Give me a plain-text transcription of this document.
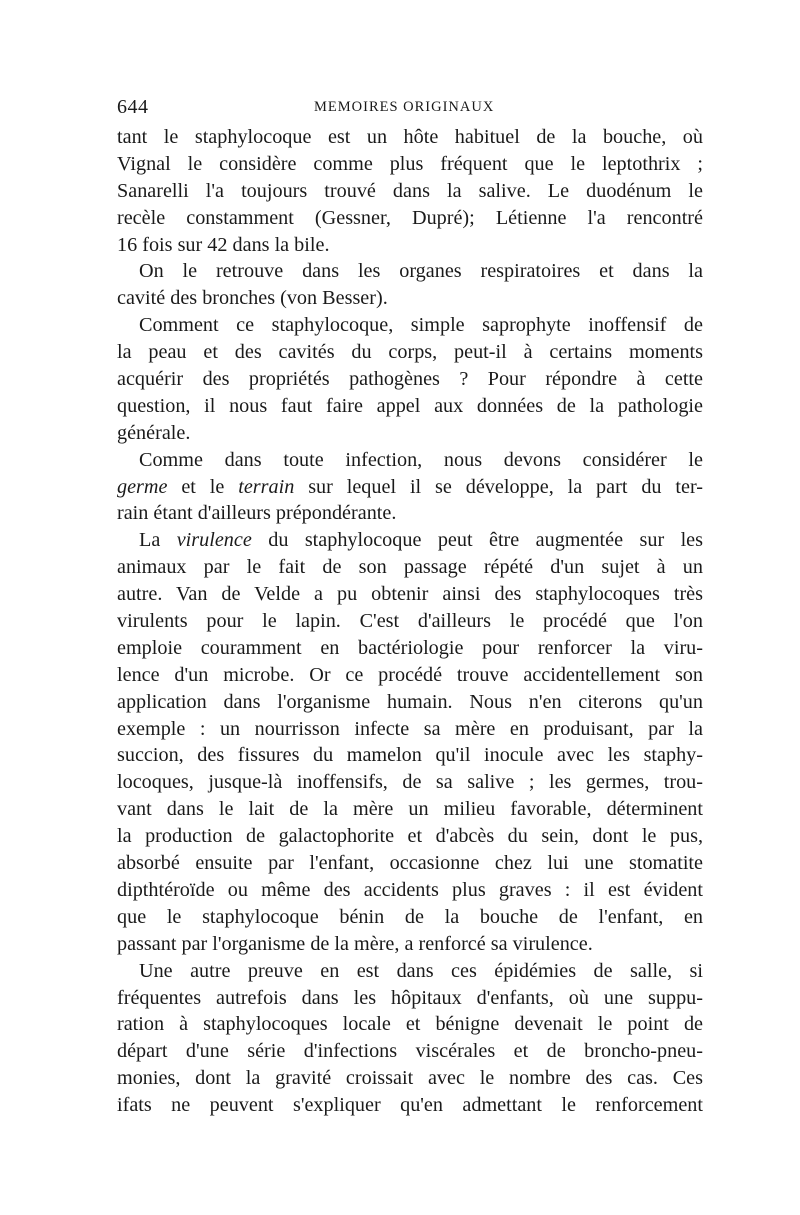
644	MEMOIRES ORIGINAUX
tant le staphylocoque est un hôte habituel de la bouche, où
Vignal le considère comme plus fréquent que le leptothrix ;
Sanarelli l'a toujours trouvé dans la salive. Le duodénum le
recèle constamment (Gessner, Dupré); Létienne l'a rencontré
16 fois sur 42 dans la bile.
On le retrouve dans les organes respiratoires et dans la
cavité des bronches (von Besser).
Comment ce staphylocoque, simple saprophyte inoffensif de
la peau et des cavités du corps, peut-il à certains moments
acquérir des propriétés pathogènes ? Pour répondre à cette
question, il nous faut faire appel aux données de la pathologie
générale.
Comme dans toute infection, nous devons considérer le
germe et le terrain sur lequel il se développe, la part du ter-
rain étant d'ailleurs prépondérante.
La virulence du staphylocoque peut être augmentée sur les
animaux par le fait de son passage répété d'un sujet à un
autre. Van de Velde a pu obtenir ainsi des staphylocoques très
virulents pour le lapin. C'est d'ailleurs le procédé que l'on
emploie couramment en bactériologie pour renforcer la viru-
lence d'un microbe. Or ce procédé trouve accidentellement son
application dans l'organisme humain. Nous n'en citerons qu'un
exemple : un nourrisson infecte sa mère en produisant, par la
succion, des fissures du mamelon qu'il inocule avec les staphy-
locoques, jusque-là inoffensifs, de sa salive ; les germes, trou-
vant dans le lait de la mère un milieu favorable, déterminent
la production de galactophorite et d'abcès du sein, dont le pus,
absorbé ensuite par l'enfant, occasionne chez lui une stomatite
dipthtéroïde ou même des accidents plus graves : il est évident
que le staphylocoque bénin de la bouche de l'enfant, en
passant par l'organisme de la mère, a renforcé sa virulence.
Une autre preuve en est dans ces épidémies de salle, si
fréquentes autrefois dans les hôpitaux d'enfants, où une suppu-
ration à staphylocoques locale et bénigne devenait le point de
départ d'une série d'infections viscérales et de broncho-pneu-
monies, dont la gravité croissait avec le nombre des cas. Ces
ifats ne peuvent s'expliquer qu'en admettant le renforcement
